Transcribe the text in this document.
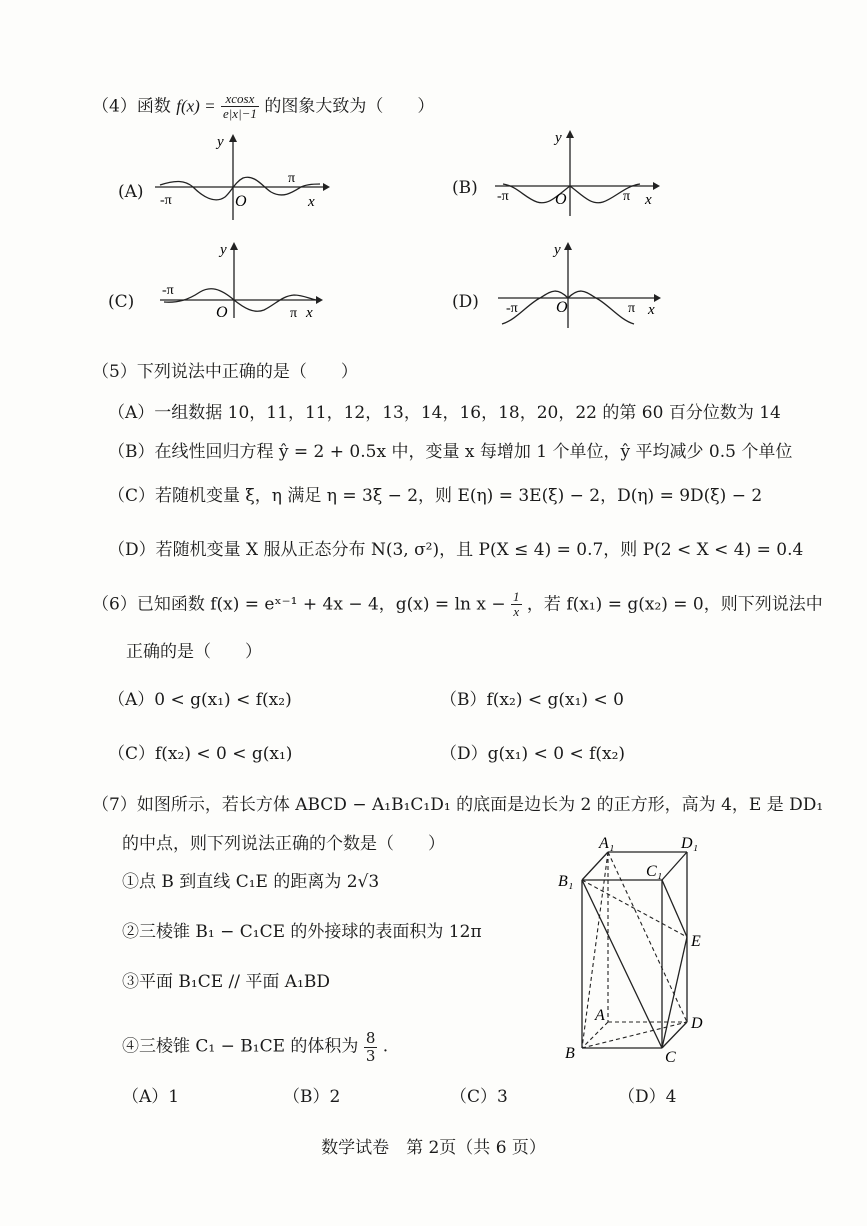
（4）函数 $f(x) = \frac{xcosx}{e|x|-1}$ 的图象大致为（　　）
(A)
y
O	x
-π
π	(B)
y
O	x
-π	π
(C)
y
O	x
-π
π
(D)
y
O	x
-π	π
（5）下列说法中正确的是（　　）
（A）一组数据 10，11，11，12，13，14，16，18，20，22 的第 60 百分位数为 14
（B）在线性回归方程 ŷ = 2 + 0.5x 中，变量 x 每增加 1 个单位，ŷ 平均减少 0.5 个单位
（C）若随机变量 ξ，η 满足 η = 3ξ − 2，则 E(η) = 3E(ξ) − 2，D(η) = 9D(ξ) − 2
（D）若随机变量 X 服从正态分布 N(3, σ²)，且 P(X ≤ 4) = 0.7，则 P(2 < X < 4) = 0.4
（6）已知函数 f(x) = eˣ⁻¹ + 4x − 4，$g(x) = \ln x - \frac{1}{x}$ ，若 f(x₁) = g(x₂) = 0，则下列说法中
正确的是（　　）
（A）0 < g(x₁) < f(x₂)	（B）f(x₂) < g(x₁) < 0
（C）f(x₂) < 0 < g(x₁)	（D）g(x₁) < 0 < f(x₂)
（7）如图所示，若长方体 ABCD − A₁B₁C₁D₁ 的底面是边长为 2 的正方形，高为 4，E 是 DD₁
的中点，则下列说法正确的个数是（　　）
①点 B 到直线 C₁E 的距离为 2√3
②三棱锥 B₁ − C₁CE 的外接球的表面积为 12π
③平面 B₁CE // 平面 A₁BD
④三棱锥 C₁ − B₁CE 的体积为 $\frac{8}{3}$ .
A₁	D₁
B₁
C₁
E
A	D
B	C
（A）1	（B）2	（C）3	（D）4
数学试卷　第 2页（共 6 页）
